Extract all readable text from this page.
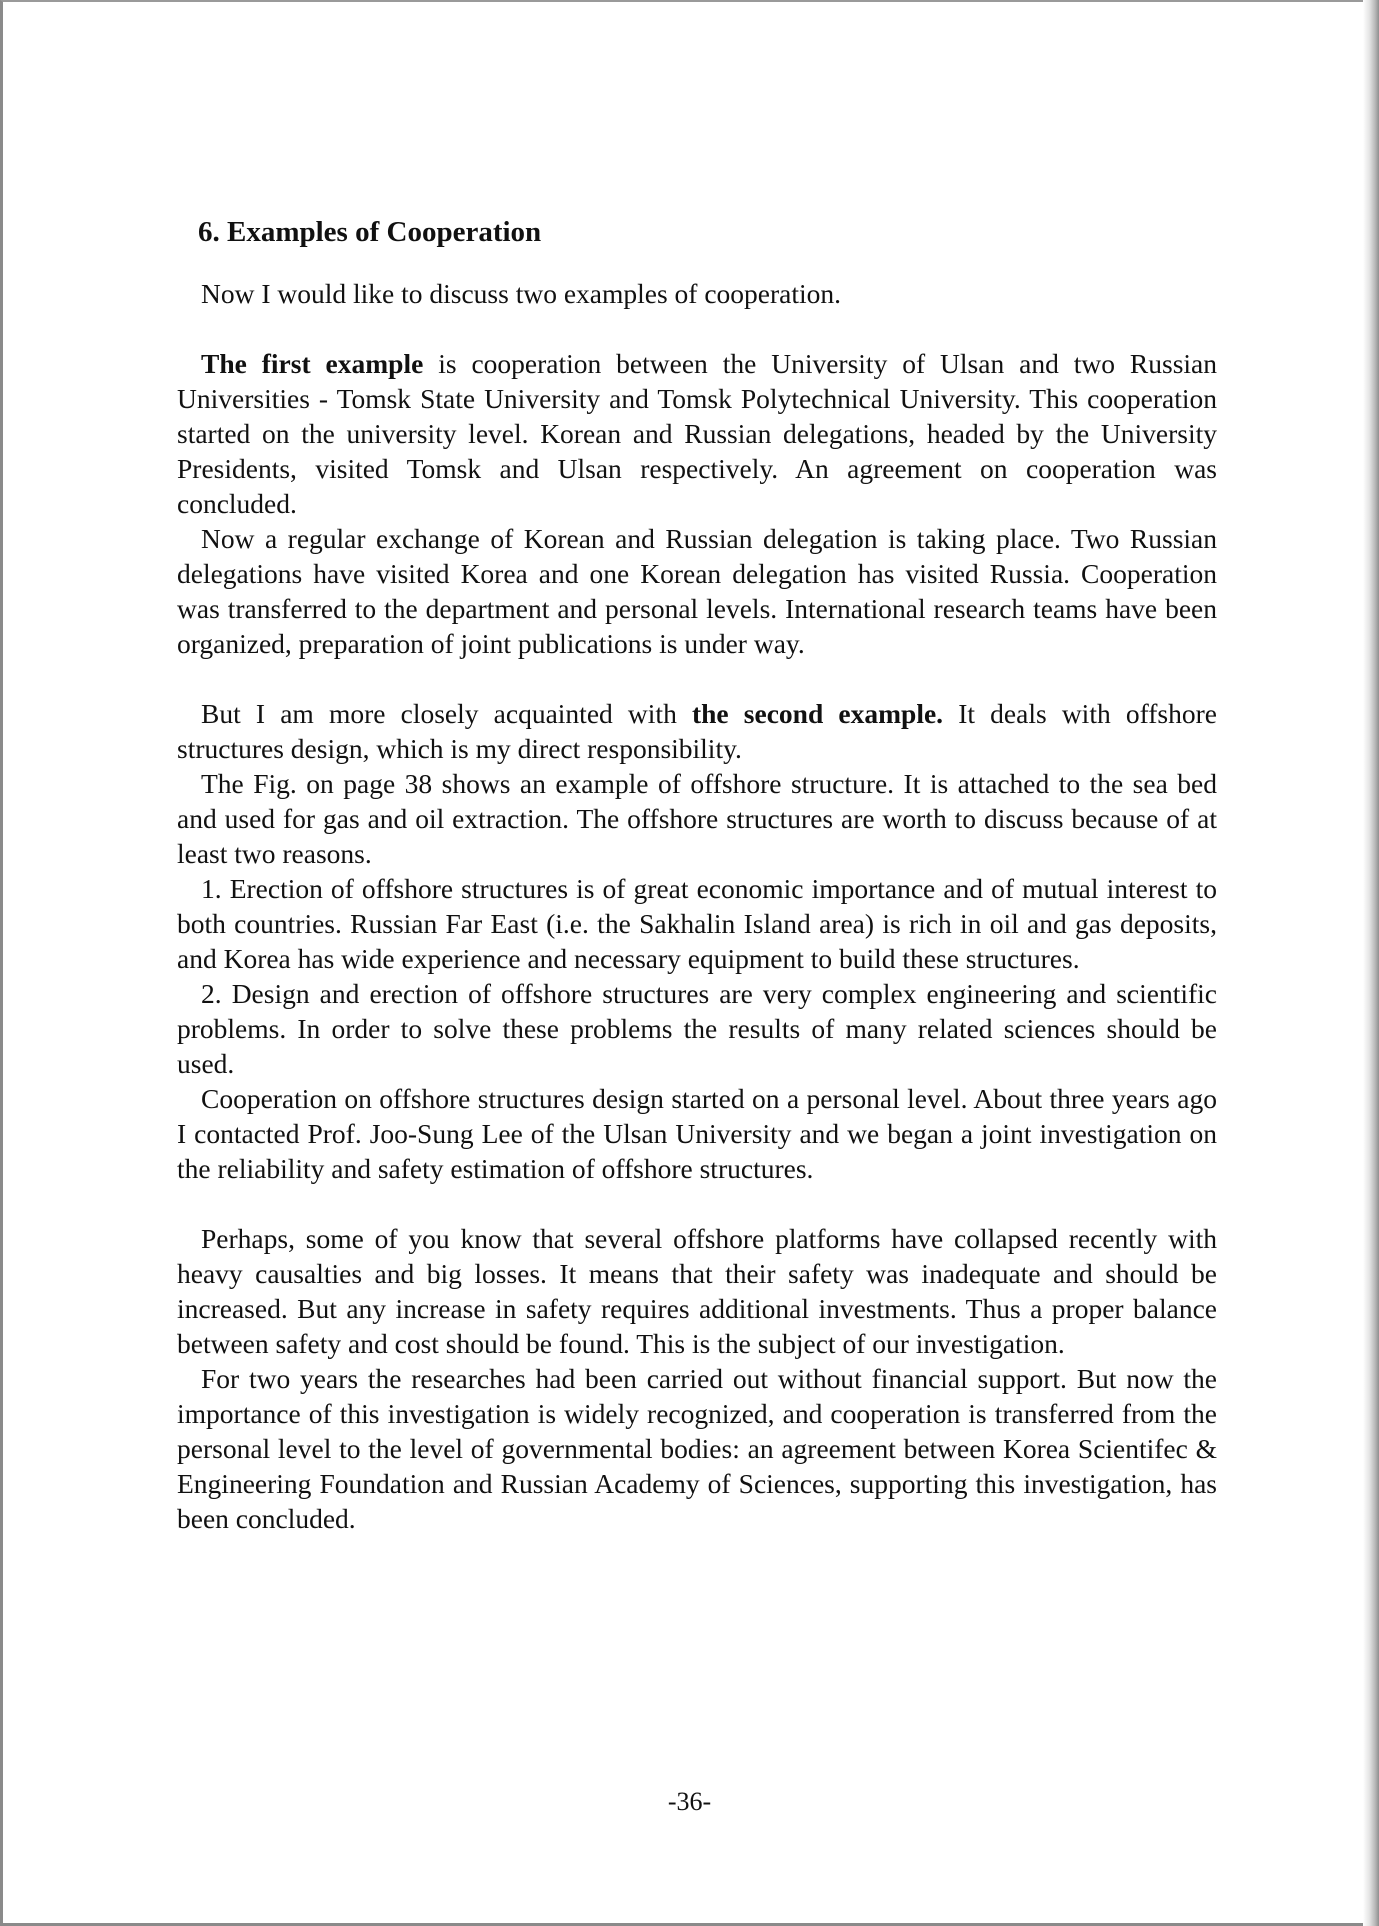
6. Examples of Cooperation

Now I would like to discuss two examples of cooperation.

The first example is cooperation between the University of Ulsan and two Russian Universities - Tomsk State University and Tomsk Polytechnical University. This cooperation started on the university level. Korean and Russian delegations, headed by the University Presidents, visited Tomsk and Ulsan respectively. An agreement on cooperation was concluded.

Now a regular exchange of Korean and Russian delegation is taking place. Two Russian delegations have visited Korea and one Korean delegation has visited Russia. Cooperation was transferred to the department and personal levels. International research teams have been organized, preparation of joint publications is under way.

But I am more closely acquainted with the second example. It deals with offshore structures design, which is my direct responsibility.

The Fig. on page 38 shows an example of offshore structure. It is attached to the sea bed and used for gas and oil extraction. The offshore structures are worth to discuss because of at least two reasons.

1. Erection of offshore structures is of great economic importance and of mutual interest to both countries. Russian Far East (i.e. the Sakhalin Island area) is rich in oil and gas deposits, and Korea has wide experience and necessary equipment to build these structures.

2. Design and erection of offshore structures are very complex engineering and scientific problems. In order to solve these problems the results of many related sciences should be used.

Cooperation on offshore structures design started on a personal level. About three years ago I contacted Prof. Joo-Sung Lee of the Ulsan University and we began a joint investigation on the reliability and safety estimation of offshore structures.

Perhaps, some of you know that several offshore platforms have collapsed recently with heavy causalties and big losses. It means that their safety was inadequate and should be increased. But any increase in safety requires additional investments. Thus a proper balance between safety and cost should be found. This is the subject of our investigation.

For two years the researches had been carried out without financial support. But now the importance of this investigation is widely recognized, and cooperation is transferred from the personal level to the level of governmental bodies: an agreement between Korea Scientifec & Engineering Foundation and Russian Academy of Sciences, supporting this investigation, has been concluded.

-36-
